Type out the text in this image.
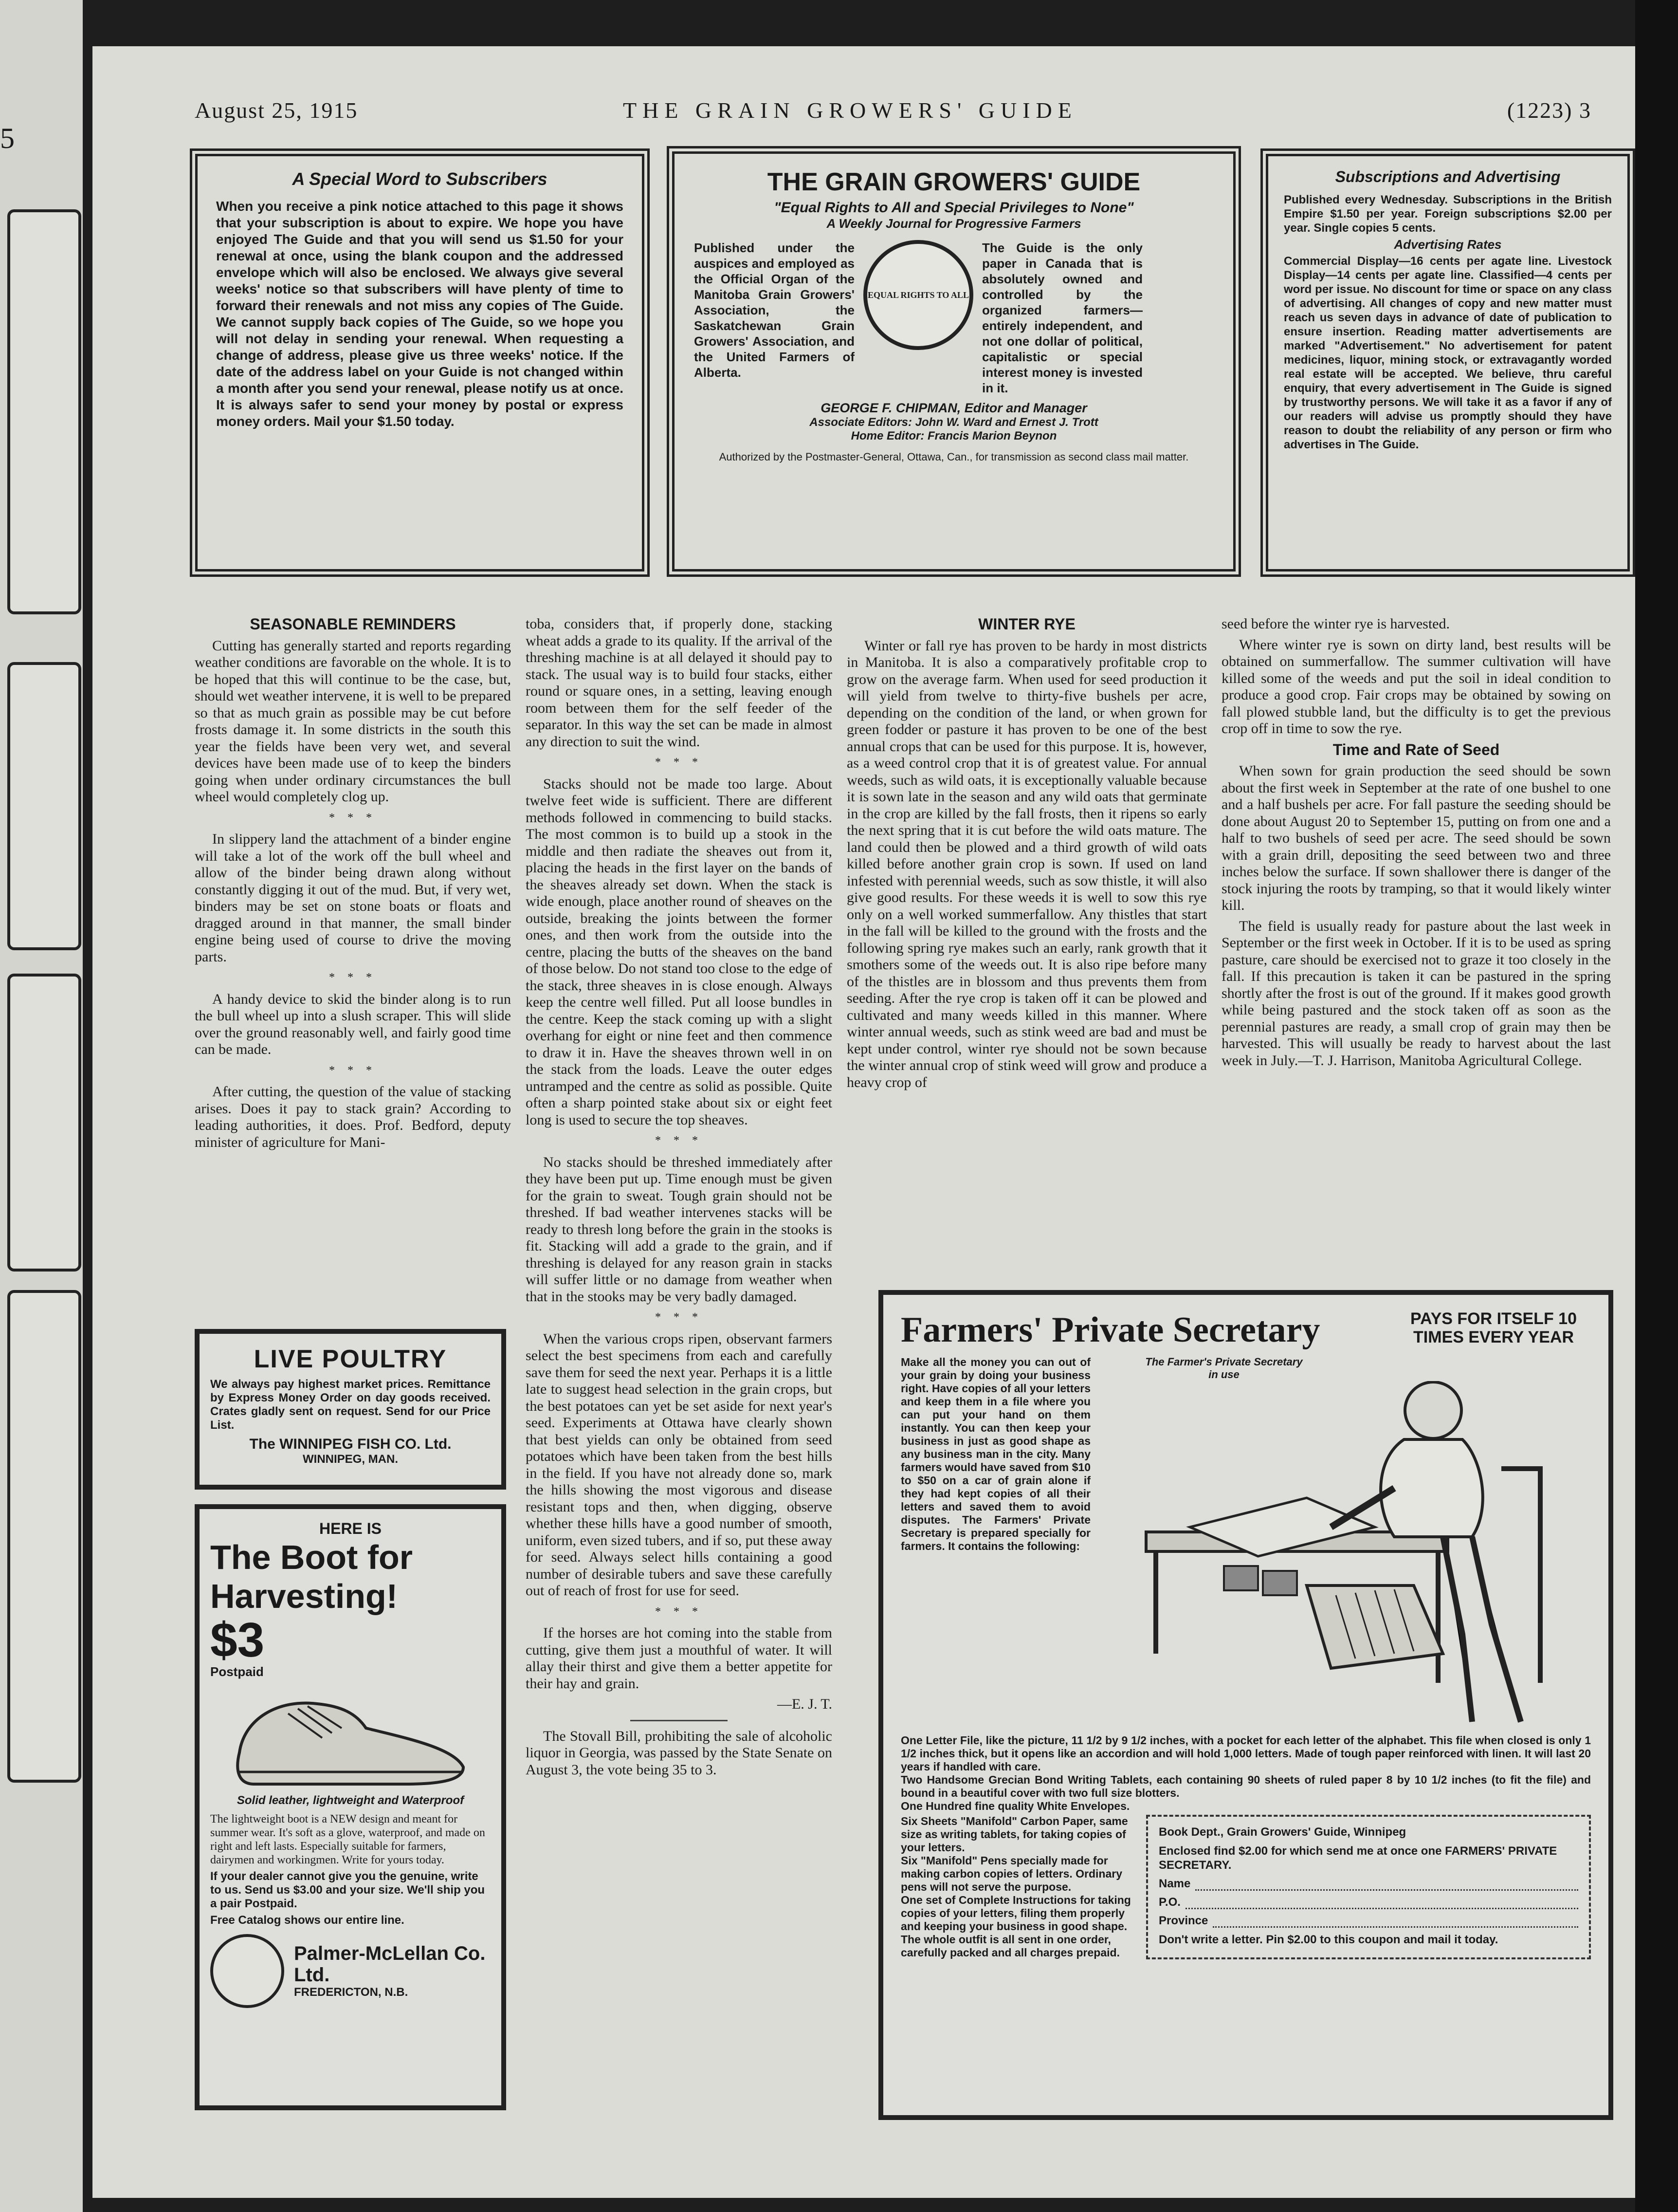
5
August 25, 1915	THE GRAIN GROWERS' GUIDE	(1223) 3
A Special Word to Subscribers
When you receive a pink notice attached to this page it shows that your subscription is about to expire. We hope you have enjoyed The Guide and that you will send us $1.50 for your renewal at once, using the blank coupon and the addressed envelope which will also be enclosed. We always give several weeks' notice so that subscribers will have plenty of time to forward their renewals and not miss any copies of The Guide. We cannot supply back copies of The Guide, so we hope you will not delay in sending your renewal. When requesting a change of address, please give us three weeks' notice. If the date of the address label on your Guide is not changed within a month after you send your renewal, please notify us at once. It is always safer to send your money by postal or express money orders. Mail your $1.50 today.
THE GRAIN GROWERS' GUIDE
"Equal Rights to All and Special Privileges to None"
A Weekly Journal for Progressive Farmers
Published under the auspices and employed as the Official Organ of the Manitoba Grain Growers' Association, the Saskatchewan Grain Growers' Association, and the United Farmers of Alberta.
EQUAL RIGHTS TO ALL
The Guide is the only paper in Canada that is absolutely owned and controlled by the organized farmers—entirely independent, and not one dollar of political, capitalistic or special interest money is invested in it.
GEORGE F. CHIPMAN, Editor and Manager
Associate Editors: John W. Ward and Ernest J. Trott
Home Editor: Francis Marion Beynon
Authorized by the Postmaster-General, Ottawa, Can., for transmission as second class mail matter.
Subscriptions and Advertising
Published every Wednesday. Subscriptions in the British Empire $1.50 per year. Foreign subscriptions $2.00 per year. Single copies 5 cents.
Advertising Rates
Commercial Display—16 cents per agate line. Livestock Display—14 cents per agate line. Classified—4 cents per word per issue. No discount for time or space on any class of advertising. All changes of copy and new matter must reach us seven days in advance of date of publication to ensure insertion. Reading matter advertisements are marked "Advertisement." No advertisement for patent medicines, liquor, mining stock, or extravagantly worded real estate will be accepted. We believe, thru careful enquiry, that every advertisement in The Guide is signed by trustworthy persons. We will take it as a favor if any of our readers will advise us promptly should they have reason to doubt the reliability of any person or firm who advertises in The Guide.
SEASONABLE REMINDERS

Cutting has generally started and reports regarding weather conditions are favorable on the whole. It is to be hoped that this will continue to be the case, but, should wet weather intervene, it is well to be prepared so that as much grain as possible may be cut before frosts damage it. In some districts in the south this year the fields have been very wet, and several devices have been made use of to keep the binders going when under ordinary circumstances the bull wheel would completely clog up.

* * *

In slippery land the attachment of a binder engine will take a lot of the work off the bull wheel and allow of the binder being drawn along without constantly digging it out of the mud. But, if very wet, binders may be set on stone boats or floats and dragged around in that manner, the small binder engine being used of course to drive the moving parts.

* * *

A handy device to skid the binder along is to run the bull wheel up into a slush scraper. This will slide over the ground reasonably well, and fairly good time can be made.

* * *

After cutting, the question of the value of stacking arises. Does it pay to stack grain? According to leading authorities, it does. Prof. Bedford, deputy minister of agriculture for Mani-

LIVE POULTRY
We always pay highest market prices. Remittance by Express Money Order on day goods received. Crates gladly sent on request. Send for our Price List.
The WINNIPEG FISH CO. Ltd.
WINNIPEG, MAN.
HERE IS
The Boot for Harvesting!
$3
Postpaid
Solid leather, lightweight and Waterproof
The lightweight boot is a NEW design and meant for summer wear. It's soft as a glove, waterproof, and made on right and left lasts. Especially suitable for farmers, dairymen and workingmen. Write for yours today.
If your dealer cannot give you the genuine, write to us. Send us $3.00 and your size. We'll ship you a pair Postpaid.
Free Catalog shows our entire line.
Palmer-McLellan Co. Ltd.
FREDERICTON, N.B.

toba, considers that, if properly done, stacking wheat adds a grade to its quality. If the arrival of the threshing machine is at all delayed it should pay to stack. The usual way is to build four stacks, either round or square ones, in a setting, leaving enough room between them for the self feeder of the separator. In this way the set can be made in almost any direction to suit the wind.

* * *

Stacks should not be made too large. About twelve feet wide is sufficient. There are different methods followed in commencing to build stacks. The most common is to build up a stook in the middle and then radiate the sheaves out from it, placing the heads in the first layer on the bands of the sheaves already set down. When the stack is wide enough, place another round of sheaves on the outside, breaking the joints between the former ones, and then work from the outside into the centre, placing the butts of the sheaves on the band of those below. Do not stand too close to the edge of the stack, three sheaves in is close enough. Always keep the centre well filled. Put all loose bundles in the centre. Keep the stack coming up with a slight overhang for eight or nine feet and then commence to draw it in. Have the sheaves thrown well in on the stack from the loads. Leave the outer edges untramped and the centre as solid as possible. Quite often a sharp pointed stake about six or eight feet long is used to secure the top sheaves.

* * *

No stacks should be threshed immediately after they have been put up. Time enough must be given for the grain to sweat. Tough grain should not be threshed. If bad weather intervenes stacks will be ready to thresh long before the grain in the stooks is fit. Stacking will add a grade to the grain, and if threshing is delayed for any reason grain in stacks will suffer little or no damage from weather when that in the stooks may be very badly damaged.

* * *

When the various crops ripen, observant farmers select the best specimens from each and carefully save them for seed the next year. Perhaps it is a little late to suggest head selection in the grain crops, but the best potatoes can yet be set aside for next year's seed. Experiments at Ottawa have clearly shown that best yields can only be obtained from seed potatoes which have been taken from the best hills in the field. If you have not already done so, mark the hills showing the most vigorous and disease resistant tops and then, when digging, observe whether these hills have a good number of smooth, uniform, even sized tubers, and if so, put these away for seed. Always select hills containing a good number of desirable tubers and save these carefully out of reach of frost for use for seed.

* * *

If the horses are hot coming into the stable from cutting, give them just a mouthful of water. It will allay their thirst and give them a better appetite for their hay and grain.

—E. J. T.

The Stovall Bill, prohibiting the sale of alcoholic liquor in Georgia, was passed by the State Senate on August 3, the vote being 35 to 3.

WINTER RYE

Winter or fall rye has proven to be hardy in most districts in Manitoba. It is also a comparatively profitable crop to grow on the average farm. When used for seed production it will yield from twelve to thirty-five bushels per acre, depending on the condition of the land, or when grown for green fodder or pasture it has proven to be one of the best annual crops that can be used for this purpose. It is, however, as a weed control crop that it is of greatest value. For annual weeds, such as wild oats, it is exceptionally valuable because it is sown late in the season and any wild oats that germinate in the crop are killed by the fall frosts, then it ripens so early the next spring that it is cut before the wild oats mature. The land could then be plowed and a third growth of wild oats killed before another grain crop is sown. If used on land infested with perennial weeds, such as sow thistle, it will also give good results. For these weeds it is well to sow this rye only on a well worked summerfallow. Any thistles that start in the fall will be killed to the ground with the frosts and the following spring rye makes such an early, rank growth that it smothers some of the weeds out. It is also ripe before many of the thistles are in blossom and thus prevents them from seeding. After the rye crop is taken off it can be plowed and cultivated and many weeds killed in this manner. Where winter annual weeds, such as stink weed are bad and must be kept under control, winter rye should not be sown because the winter annual crop of stink weed will grow and produce a heavy crop of

seed before the winter rye is harvested.

Where winter rye is sown on dirty land, best results will be obtained on summerfallow. The summer cultivation will have killed some of the weeds and put the soil in ideal condition to produce a good crop. Fair crops may be obtained by sowing on fall plowed stubble land, but the difficulty is to get the previous crop off in time to sow the rye.

Time and Rate of Seed

When sown for grain production the seed should be sown about the first week in September at the rate of one bushel to one and a half bushels per acre. For fall pasture the seeding should be done about August 20 to September 15, putting on from one and a half to two bushels of seed per acre. The seed should be sown with a grain drill, depositing the seed between two and three inches below the surface. If sown shallower there is danger of the stock injuring the roots by tramping, so that it would likely winter kill.

The field is usually ready for pasture about the last week in September or the first week in October. If it is to be used as spring pasture, care should be exercised not to graze it too closely in the fall. If this precaution is taken it can be pastured in the spring shortly after the frost is out of the ground. If it makes good growth while being pastured and the stock taken off as soon as the perennial pastures are ready, a small crop of grain may then be harvested. This will usually be ready to harvest about the last week in July.—T. J. Harrison, Manitoba Agricultural College.

Farmers' Private Secretary	PAYS FOR ITSELF 10 TIMES EVERY YEAR
Make all the money you can out of your grain by doing your business right. Have copies of all your letters and keep them in a file where you can put your hand on them instantly. You can then keep your business in just as good shape as any business man in the city. Many farmers would have saved from $10 to $50 on a car of grain alone if they had kept copies of all their letters and saved them to avoid disputes. The Farmers' Private Secretary is prepared specially for farmers. It contains the following:
The Farmer's Private Secretary in use
One Letter File, like the picture, 11 1/2 by 9 1/2 inches, with a pocket for each letter of the alphabet. This file when closed is only 1 1/2 inches thick, but it opens like an accordion and will hold 1,000 letters. Made of tough paper reinforced with linen. It will last 20 years if handled with care.
Two Handsome Grecian Bond Writing Tablets, each containing 90 sheets of ruled paper 8 by 10 1/2 inches (to fit the file) and bound in a beautiful cover with two full size blotters.
One Hundred fine quality White Envelopes.
Six Sheets "Manifold" Carbon Paper, same size as writing tablets, for taking copies of your letters.
Six "Manifold" Pens specially made for making carbon copies of letters. Ordinary pens will not serve the purpose.
One set of Complete Instructions for taking copies of your letters, filing them properly and keeping your business in good shape.
The whole outfit is all sent in one order, carefully packed and all charges prepaid.
Book Dept., Grain Growers' Guide, Winnipeg
Enclosed find $2.00 for which send me at once one FARMERS' PRIVATE SECRETARY.
Name
P.O.
Province
Don't write a letter. Pin $2.00 to this coupon and mail it today.
